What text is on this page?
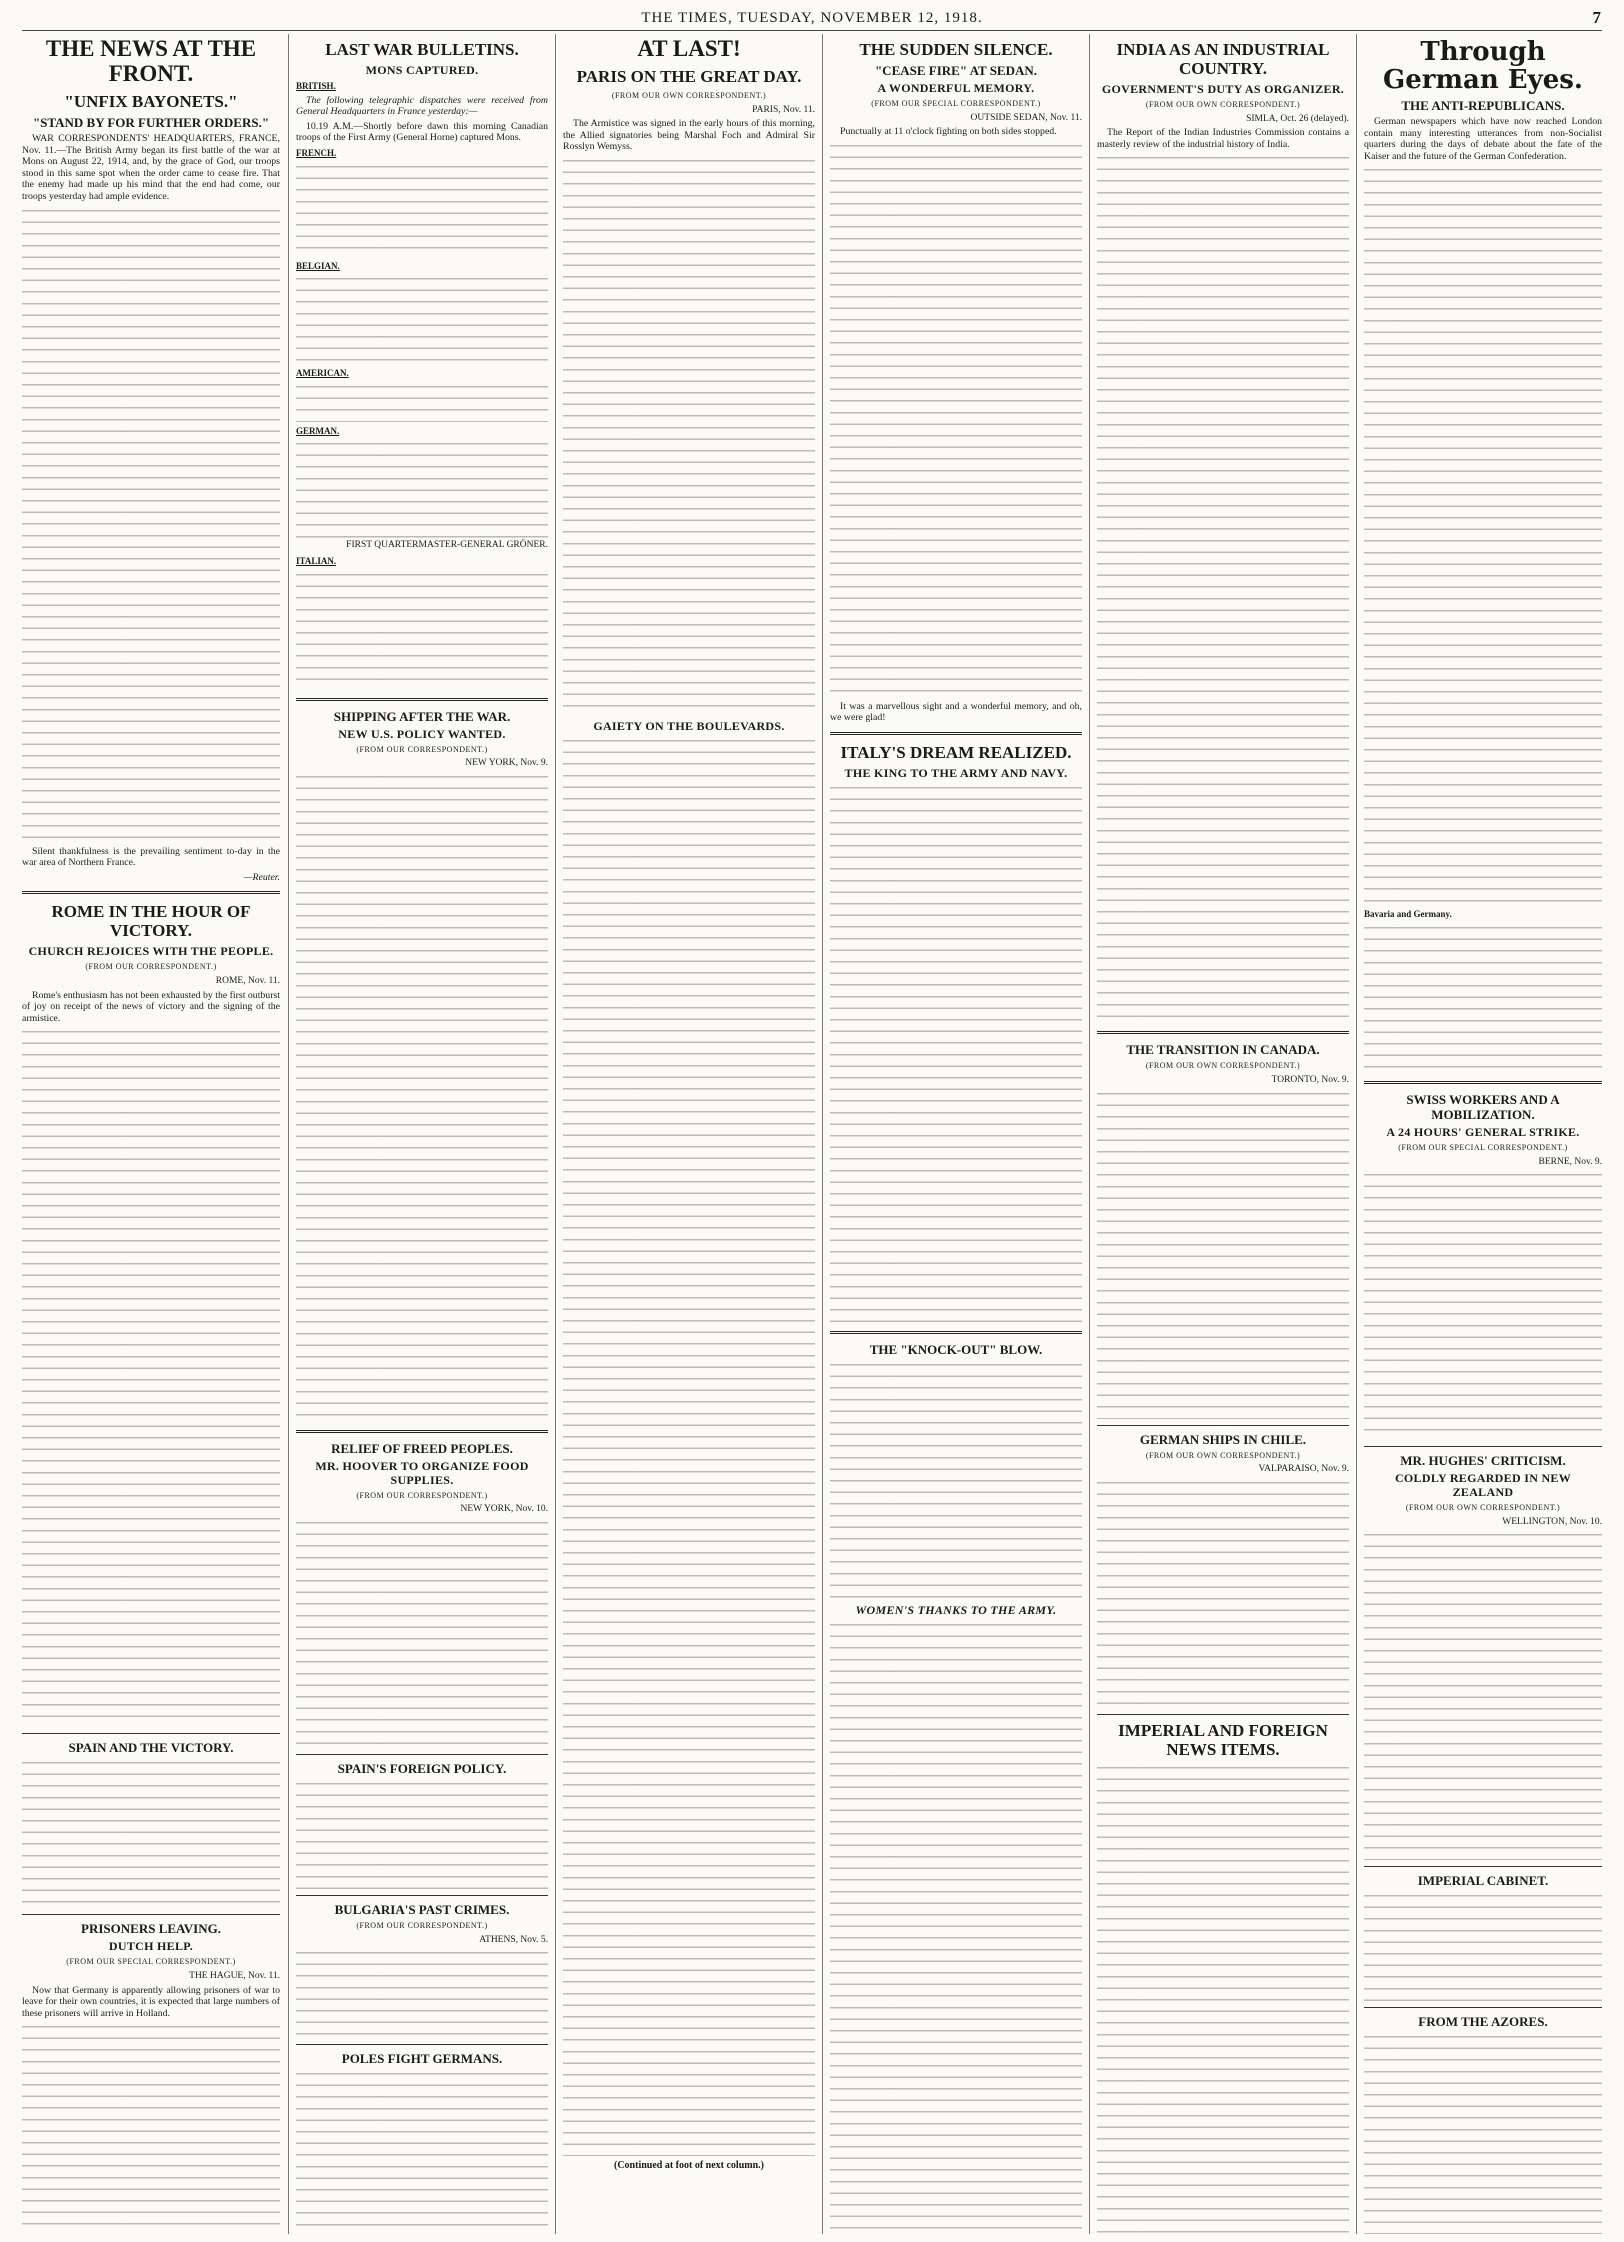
THE TIMES, TUESDAY, NOVEMBER 12, 1918.	7
THE NEWS AT THE FRONT.
"UNFIX BAYONETS."
"STAND BY FOR FURTHER ORDERS."

WAR CORRESPONDENTS' HEADQUARTERS, FRANCE, Nov. 11.—The British Army began its first battle of the war at Mons on August 22, 1914, and, by the grace of God, our troops stood in this same spot when the order came to cease fire. That the enemy had made up his mind that the end had come, our troops yesterday had ample evidence.

Silent thankfulness is the prevailing sentiment to-day in the war area of Northern France.

—Reuter.
ROME IN THE HOUR OF VICTORY.
CHURCH REJOICES WITH THE PEOPLE.
(FROM OUR CORRESPONDENT.)
ROME, Nov. 11.

Rome's enthusiasm has not been exhausted by the first outburst of joy on receipt of the news of victory and the signing of the armistice.

SPAIN AND THE VICTORY.
PRISONERS LEAVING.
DUTCH HELP.
(FROM OUR SPECIAL CORRESPONDENT.)
THE HAGUE, Nov. 11.

Now that Germany is apparently allowing prisoners of war to leave for their own countries, it is expected that large numbers of these prisoners will arrive in Holland.

LAST WAR BULLETINS.
MONS CAPTURED.
BRITISH.

The following telegraphic dispatches were received from General Headquarters in France yesterday:—

10.19 A.M.—Shortly before dawn this morning Canadian troops of the First Army (General Horne) captured Mons.

FRENCH.
BELGIAN.
AMERICAN.
GERMAN.
FIRST QUARTERMASTER-GENERAL GRÖNER.
ITALIAN.
SHIPPING AFTER THE WAR.
NEW U.S. POLICY WANTED.
(FROM OUR CORRESPONDENT.)
NEW YORK, Nov. 9.
RELIEF OF FREED PEOPLES.
MR. HOOVER TO ORGANIZE FOOD SUPPLIES.
(FROM OUR CORRESPONDENT.)
NEW YORK, Nov. 10.
SPAIN'S FOREIGN POLICY.
BULGARIA'S PAST CRIMES.
(FROM OUR CORRESPONDENT.)
ATHENS, Nov. 5.
POLES FIGHT GERMANS.
AT LAST!
PARIS ON THE GREAT DAY.
(FROM OUR OWN CORRESPONDENT.)
PARIS, Nov. 11.

The Armistice was signed in the early hours of this morning, the Allied signatories being Marshal Foch and Admiral Sir Rosslyn Wemyss.

GAIETY ON THE BOULEVARDS.
(Continued at foot of next column.)
THE SUDDEN SILENCE.
"CEASE FIRE" AT SEDAN.
A WONDERFUL MEMORY.
(FROM OUR SPECIAL CORRESPONDENT.)
OUTSIDE SEDAN, Nov. 11.

Punctually at 11 o'clock fighting on both sides stopped.

It was a marvellous sight and a wonderful memory, and oh, we were glad!

ITALY'S DREAM REALIZED.
THE KING TO THE ARMY AND NAVY.
THE "KNOCK-OUT" BLOW.
WOMEN'S THANKS TO THE ARMY.
INDIA AS AN INDUSTRIAL COUNTRY.
GOVERNMENT'S DUTY AS ORGANIZER.
(FROM OUR OWN CORRESPONDENT.)
SIMLA, Oct. 26 (delayed).

The Report of the Indian Industries Commission contains a masterly review of the industrial history of India.

THE TRANSITION IN CANADA.
(FROM OUR OWN CORRESPONDENT.)
TORONTO, Nov. 9.
GERMAN SHIPS IN CHILE.
(FROM OUR OWN CORRESPONDENT.)
VALPARAISO, Nov. 9.
IMPERIAL AND FOREIGN NEWS ITEMS.
Through German Eyes.
THE ANTI-REPUBLICANS.

German newspapers which have now reached London contain many interesting utterances from non-Socialist quarters during the days of debate about the fate of the Kaiser and the future of the German Confederation.

Bavaria and Germany.
SWISS WORKERS AND A MOBILIZATION.
A 24 HOURS' GENERAL STRIKE.
(FROM OUR SPECIAL CORRESPONDENT.)
BERNE, Nov. 9.
MR. HUGHES' CRITICISM.
COLDLY REGARDED IN NEW ZEALAND
(FROM OUR OWN CORRESPONDENT.)
WELLINGTON, Nov. 10.
IMPERIAL CABINET.
FROM THE AZORES.
